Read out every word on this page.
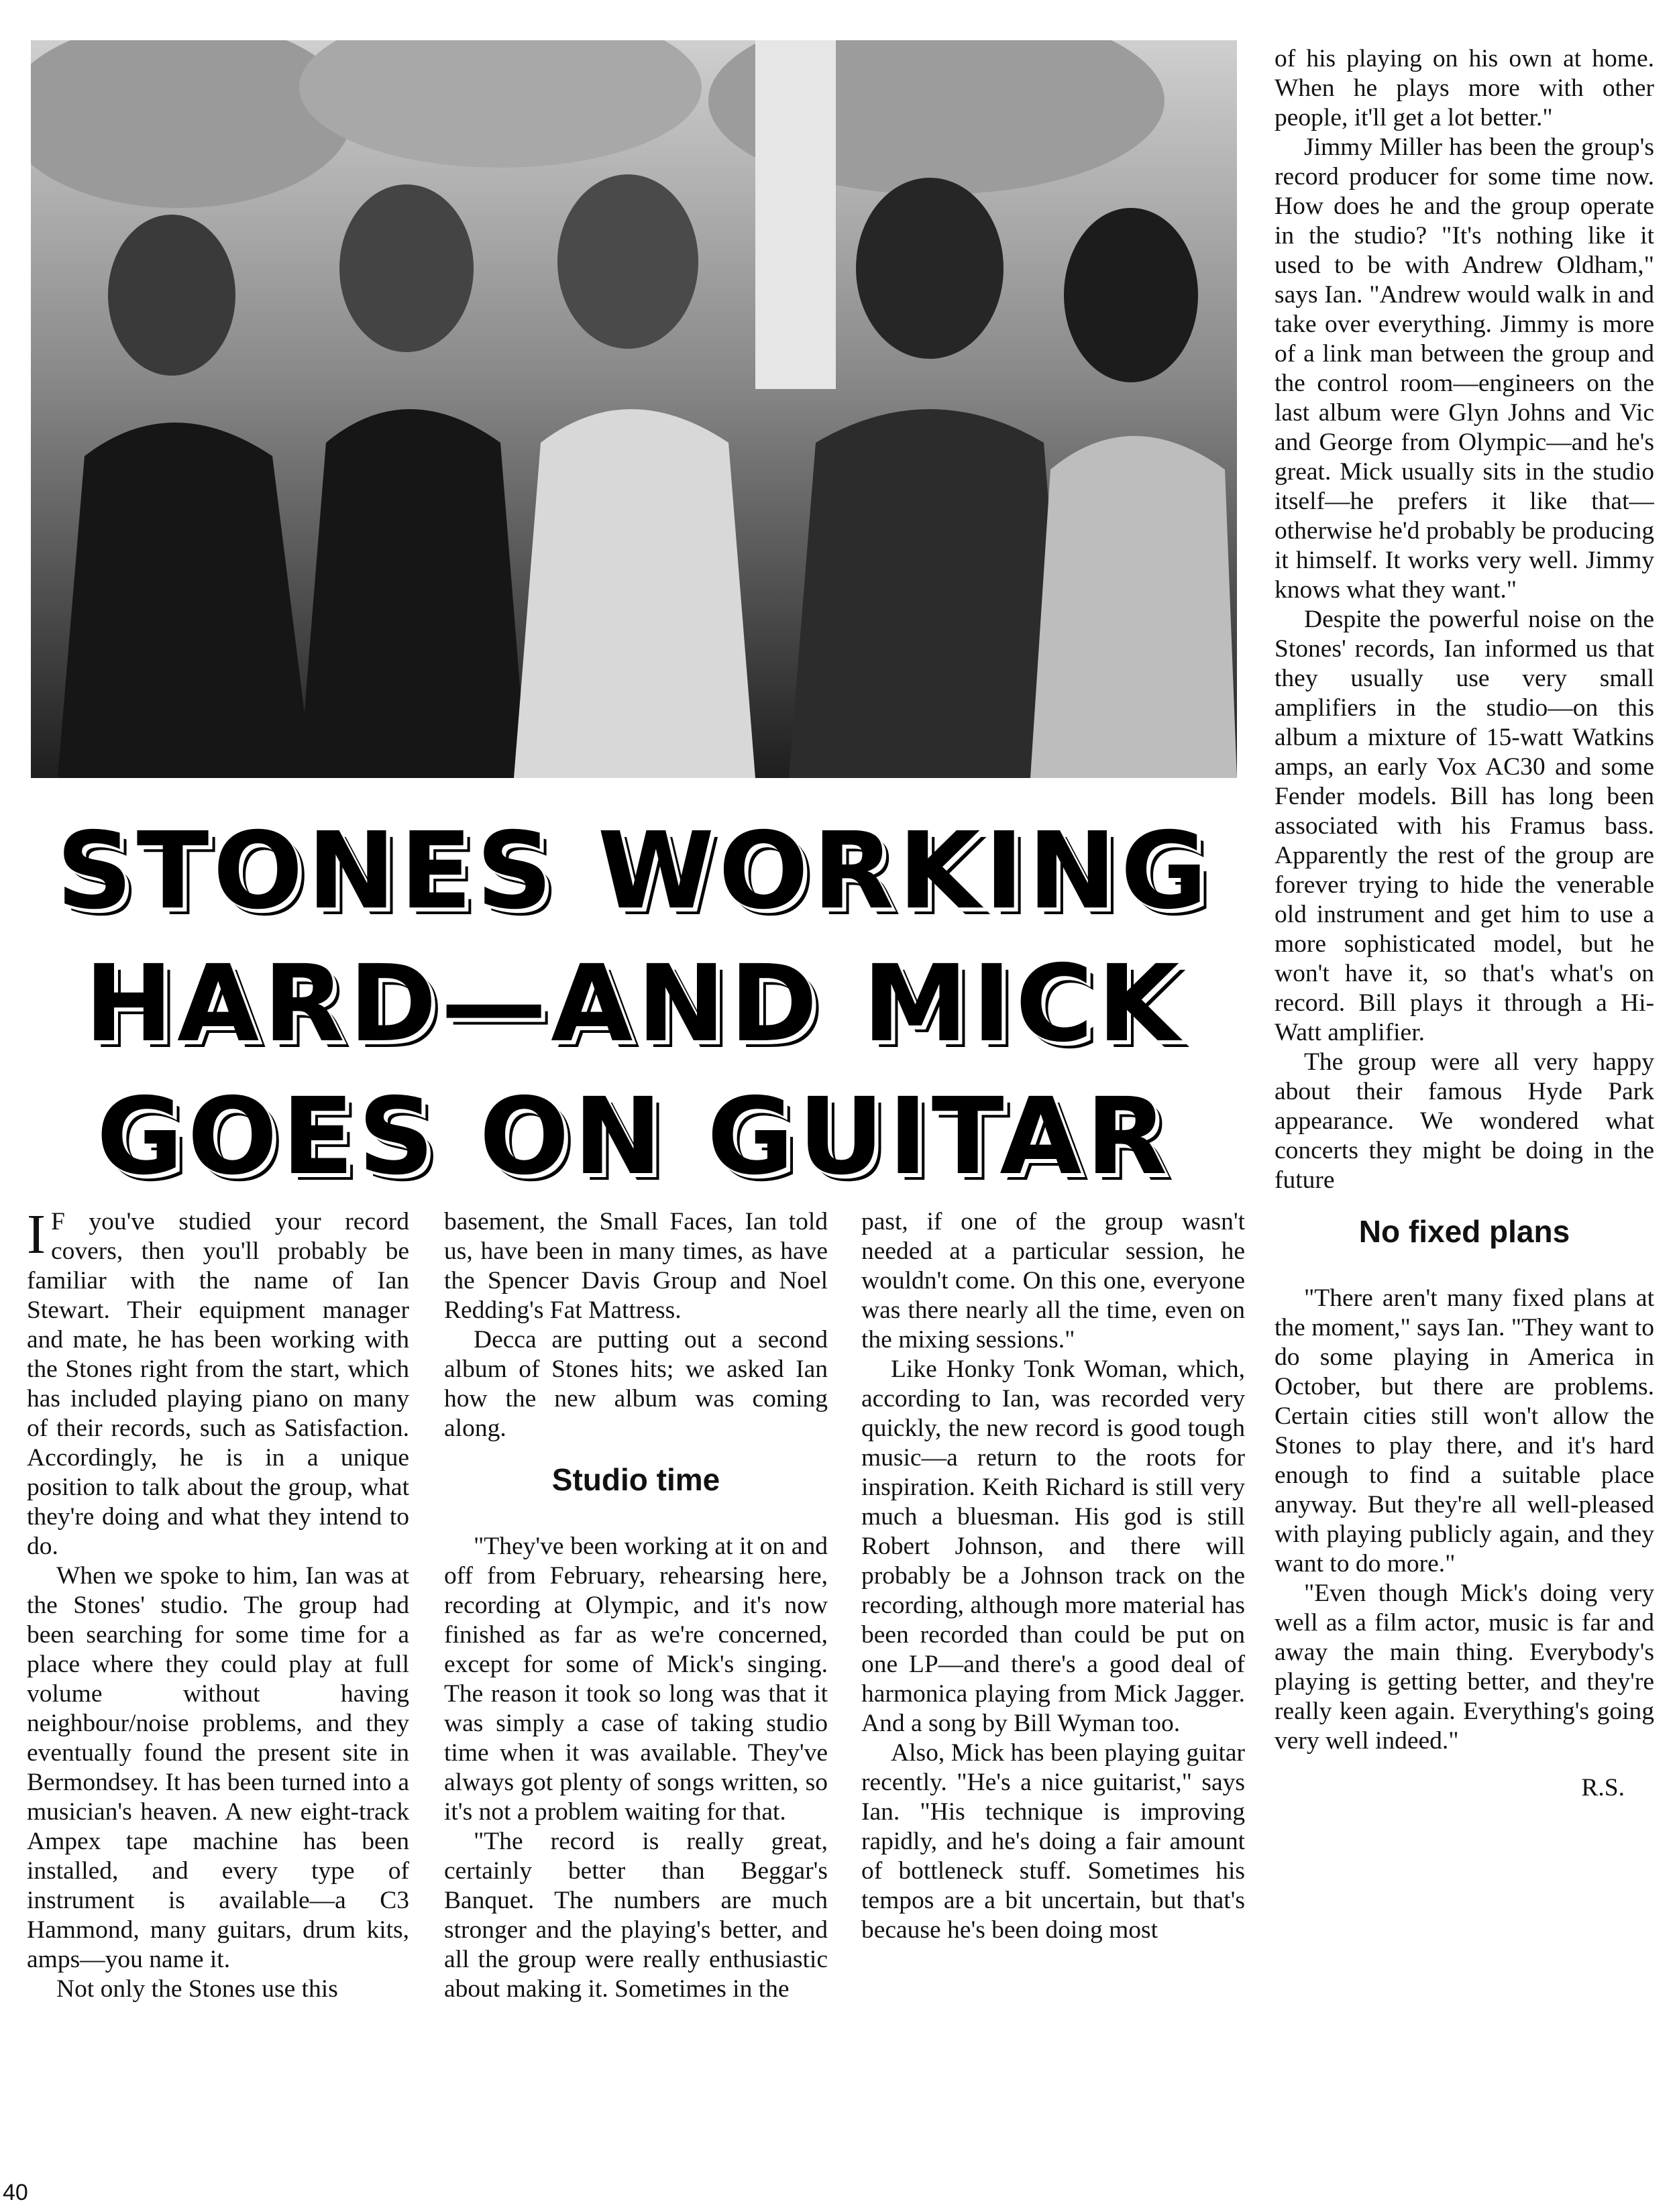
STONES WORKING
HARD—AND MICK
GOES ON GUITAR

I F you've studied your record covers, then you'll probably be familiar with the name of Ian Stewart. Their equipment manager and mate, he has been working with the Stones right from the start, which has included playing piano on many of their records, such as Satisfaction. Accordingly, he is in a unique position to talk about the group, what they're doing and what they intend to do.

When we spoke to him, Ian was at the Stones' studio. The group had been searching for some time for a place where they could play at full volume without having neighbour/noise problems, and they eventually found the present site in Bermondsey. It has been turned into a musician's heaven. A new eight-track Ampex tape machine has been installed, and every type of instrument is available—a C3 Hammond, many guitars, drum kits, amps—you name it.

Not only the Stones use this

basement, the Small Faces, Ian told us, have been in many times, as have the Spencer Davis Group and Noel Redding's Fat Mattress.

Decca are putting out a second album of Stones hits; we asked Ian how the new album was coming along.

Studio time

"They've been working at it on and off from February, rehearsing here, recording at Olympic, and it's now finished as far as we're concerned, except for some of Mick's singing. The reason it took so long was that it was simply a case of taking studio time when it was available. They've always got plenty of songs written, so it's not a problem waiting for that.

"The record is really great, certainly better than Beggar's Banquet. The numbers are much stronger and the playing's better, and all the group were really enthusiastic about making it. Sometimes in the

past, if one of the group wasn't needed at a particular session, he wouldn't come. On this one, everyone was there nearly all the time, even on the mixing sessions."

Like Honky Tonk Woman, which, according to Ian, was recorded very quickly, the new record is good tough music—a return to the roots for inspiration. Keith Richard is still very much a bluesman. His god is still Robert Johnson, and there will probably be a Johnson track on the recording, although more material has been recorded than could be put on one LP—and there's a good deal of harmonica playing from Mick Jagger. And a song by Bill Wyman too.

Also, Mick has been playing guitar recently. "He's a nice guitarist," says Ian. "His technique is improving rapidly, and he's doing a fair amount of bottleneck stuff. Sometimes his tempos are a bit uncertain, but that's because he's been doing most

of his playing on his own at home. When he plays more with other people, it'll get a lot better."

Jimmy Miller has been the group's record producer for some time now. How does he and the group operate in the studio? "It's nothing like it used to be with Andrew Oldham," says Ian. "Andrew would walk in and take over everything. Jimmy is more of a link man between the group and the control room—engineers on the last album were Glyn Johns and Vic and George from Olympic—and he's great. Mick usually sits in the studio itself—he prefers it like that—otherwise he'd probably be producing it himself. It works very well. Jimmy knows what they want."

Despite the powerful noise on the Stones' records, Ian informed us that they usually use very small amplifiers in the studio—on this album a mixture of 15-watt Watkins amps, an early Vox AC30 and some Fender models. Bill has long been associated with his Framus bass. Apparently the rest of the group are forever trying to hide the venerable old instrument and get him to use a more sophisticated model, but he won't have it, so that's what's on record. Bill plays it through a Hi-Watt amplifier.

The group were all very happy about their famous Hyde Park appearance. We wondered what concerts they might be doing in the future

No fixed plans

"There aren't many fixed plans at the moment," says Ian. "They want to do some playing in America in October, but there are problems. Certain cities still won't allow the Stones to play there, and it's hard enough to find a suitable place anyway. But they're all well-pleased with playing publicly again, and they want to do more."

"Even though Mick's doing very well as a film actor, music is far and away the main thing. Everybody's playing is getting better, and they're really keen again. Everything's going very well indeed."

R.S.
40
